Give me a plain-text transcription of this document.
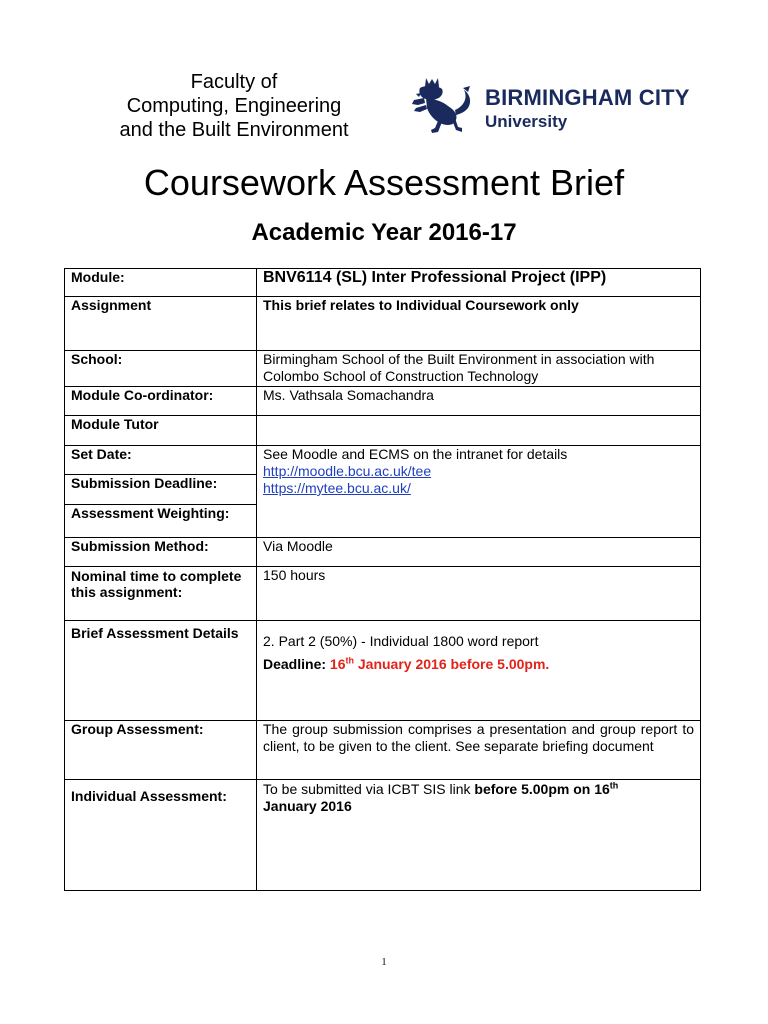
Faculty of
Computing, Engineering
and the Built Environment
BIRMINGHAM CITY
University
Coursework Assessment Brief
Academic Year 2016-17
Module:	BNV6114 (SL) Inter Professional Project (IPP)
Assignment	This brief relates to Individual Coursework only
School:	Birmingham School of the Built Environment in association with Colombo School of Construction Technology
Module Co-ordinator:	Ms. Vathsala Somachandra
Module Tutor	
Set Date:	See Moodle and ECMS on the intranet for details
http://moodle.bcu.ac.uk/tee
https://mytee.bcu.ac.uk/

Submission Deadline:	
Assessment Weighting:	
Submission Method:	Via Moodle
Nominal time to complete this assignment:	150 hours
Brief Assessment Details	2. Part 2 (50%) - Individual 1800 word report
Deadline: 16th January 2016 before 5.00pm.

Group Assessment:	The group submission comprises a presentation and group report to client, to be given to the client. See separate briefing document
Individual Assessment:	To be submitted via ICBT SIS link before 5.00pm on 16th
January 2016
1
